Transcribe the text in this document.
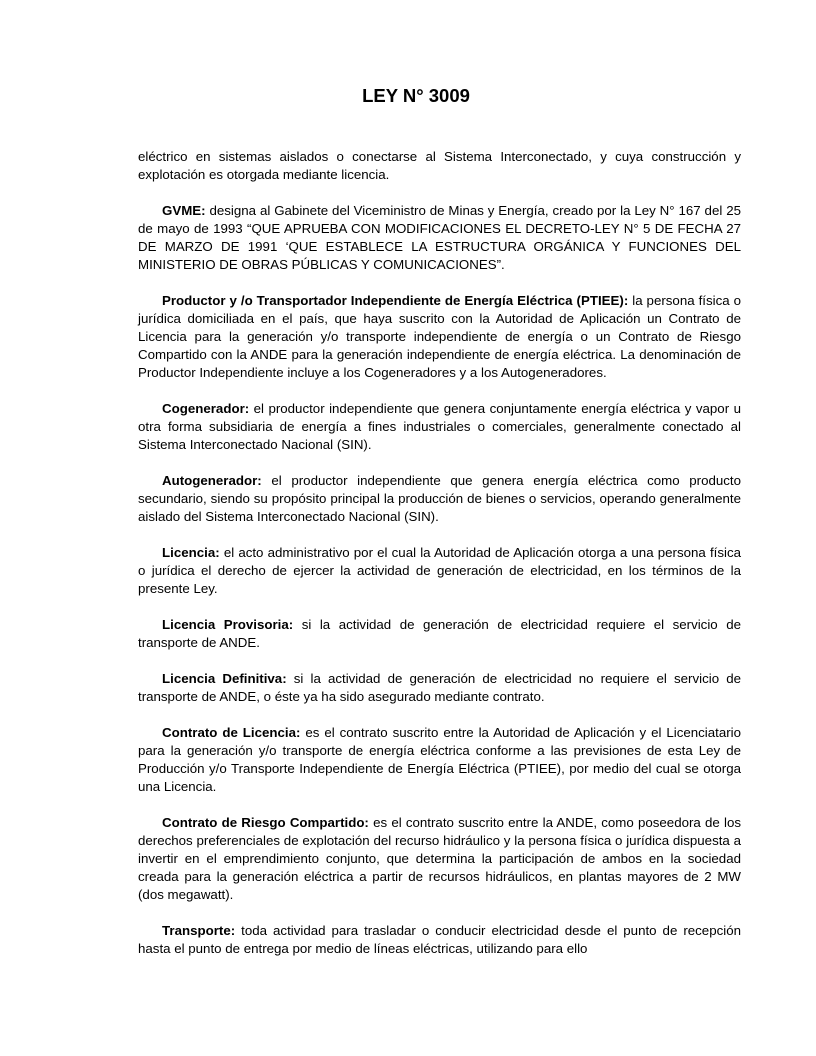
LEY N° 3009

eléctrico en sistemas aislados o conectarse al Sistema Interconectado, y cuya construcción y explotación es otorgada mediante licencia.

GVME: designa al Gabinete del Viceministro de Minas y Energía, creado por la Ley N° 167 del 25 de mayo de 1993 “QUE APRUEBA CON MODIFICACIONES EL DECRETO-LEY N° 5 DE FECHA 27 DE MARZO DE 1991 ‘QUE ESTABLECE LA ESTRUCTURA ORGÁNICA Y FUNCIONES DEL MINISTERIO DE OBRAS PÚBLICAS Y COMUNICACIONES”.

Productor y /o Transportador Independiente de Energía Eléctrica (PTIEE): la persona física o jurídica domiciliada en el país, que haya suscrito con la Autoridad de Aplicación un Contrato de Licencia para la generación y/o transporte independiente de energía o un Contrato de Riesgo Compartido con la ANDE para la generación independiente de energía eléctrica. La denominación de Productor Independiente incluye a los Cogeneradores y a los Autogeneradores.

Cogenerador: el productor independiente que genera conjuntamente energía eléctrica y vapor u otra forma subsidiaria de energía a fines industriales o comerciales, generalmente conectado al Sistema Interconectado Nacional (SIN).

Autogenerador: el productor independiente que genera energía eléctrica como producto secundario, siendo su propósito principal la producción de bienes o servicios, operando generalmente aislado del Sistema Interconectado Nacional (SIN).

Licencia: el acto administrativo por el cual la Autoridad de Aplicación otorga a una persona física o jurídica el derecho de ejercer la actividad de generación de electricidad, en los términos de la presente Ley.

Licencia Provisoria: si la actividad de generación de electricidad requiere el servicio de transporte de ANDE.

Licencia Definitiva: si la actividad de generación de electricidad no requiere el servicio de transporte de ANDE, o éste ya ha sido asegurado mediante contrato.

Contrato de Licencia: es el contrato suscrito entre la Autoridad de Aplicación y el Licenciatario para la generación y/o transporte de energía eléctrica conforme a las previsiones de esta Ley de Producción y/o Transporte Independiente de Energía Eléctrica (PTIEE), por medio del cual se otorga una Licencia.

Contrato de Riesgo Compartido: es el contrato suscrito entre la ANDE, como poseedora de los derechos preferenciales de explotación del recurso hidráulico y la persona física o jurídica dispuesta a invertir en el emprendimiento conjunto, que determina la participación de ambos en la sociedad creada para la generación eléctrica a partir de recursos hidráulicos, en plantas mayores de 2 MW (dos megawatt).

Transporte: toda actividad para trasladar o conducir electricidad desde el punto de recepción hasta el punto de entrega por medio de líneas eléctricas, utilizando para ello
